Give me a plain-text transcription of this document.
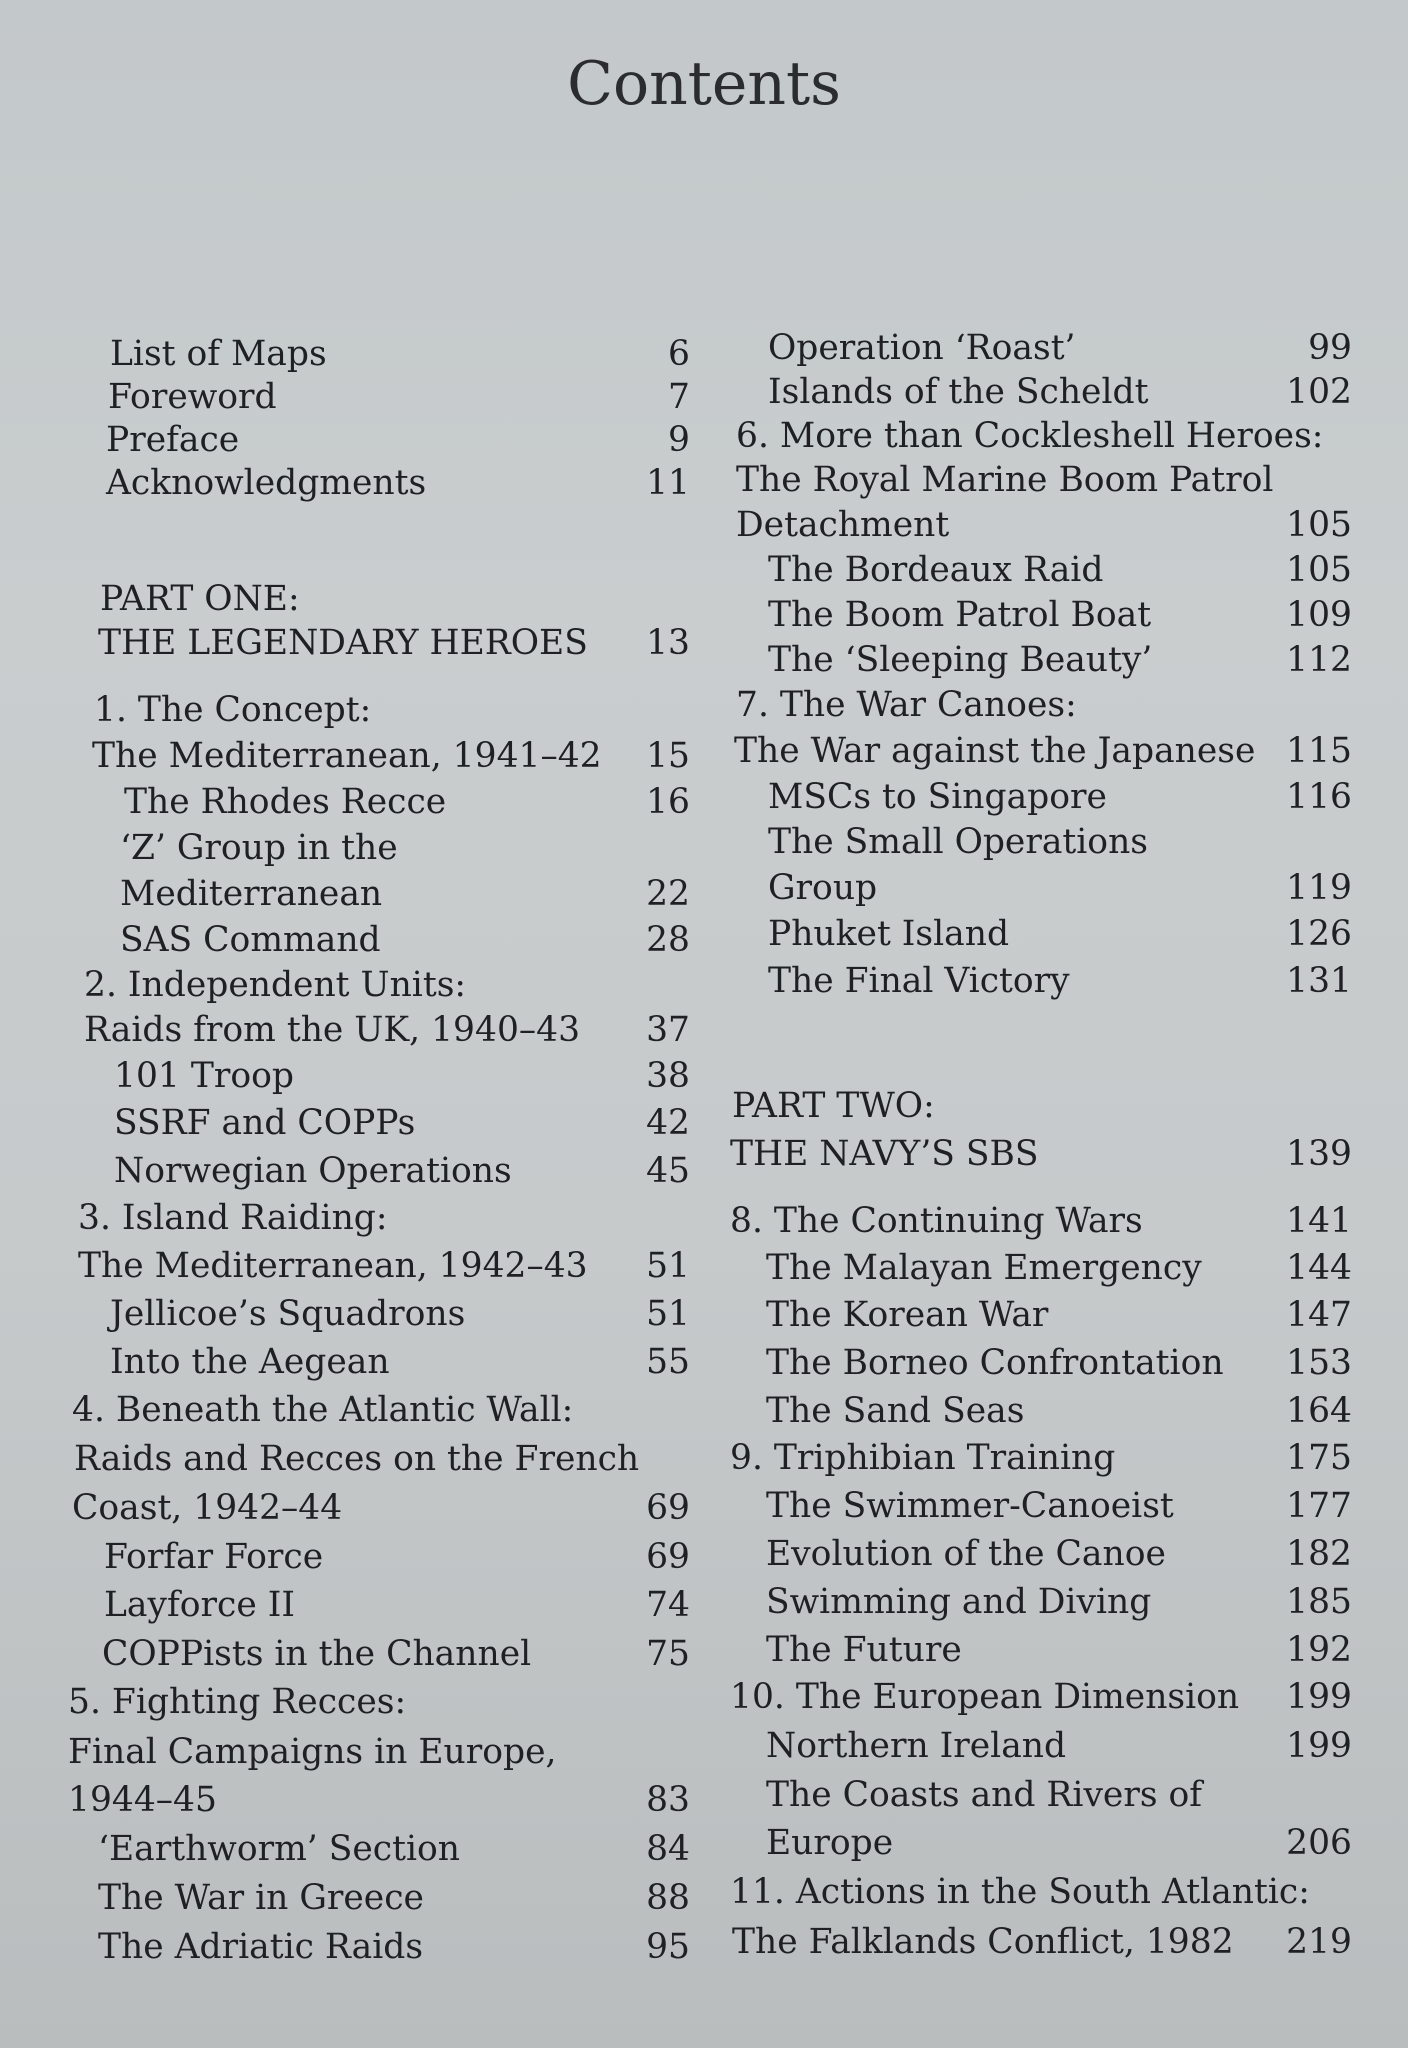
Contents
List of Maps	6
Foreword	7
Preface	9
Acknowledgments	11
PART ONE:
THE LEGENDARY HEROES	13
1. The Concept:
The Mediterranean, 1941–42	15
The Rhodes Recce	16
‘Z’ Group in the
Mediterranean	22
SAS Command	28
2. Independent Units:
Raids from the UK, 1940–43	37
101 Troop	38
SSRF and COPPs	42
Norwegian Operations	45
3. Island Raiding:
The Mediterranean, 1942–43	51
Jellicoe’s Squadrons	51
Into the Aegean	55
4. Beneath the Atlantic Wall:
Raids and Recces on the French
Coast, 1942–44	69
Forfar Force	69
Layforce II	74
COPPists in the Channel	75
5. Fighting Recces:
Final Campaigns in Europe,
1944–45	83
‘Earthworm’ Section	84
The War in Greece	88
The Adriatic Raids	95
Operation ‘Roast’	99
Islands of the Scheldt	102
6. More than Cockleshell Heroes:
The Royal Marine Boom Patrol
Detachment	105
The Bordeaux Raid	105
The Boom Patrol Boat	109
The ‘Sleeping Beauty’	112
7. The War Canoes:
The War against the Japanese 115
MSCs to Singapore	116
The Small Operations
Group	119
Phuket Island	126
The Final Victory	131
PART TWO:
THE NAVY’S SBS	139
8. The Continuing Wars	141
The Malayan Emergency	144
The Korean War	147
The Borneo Confrontation	153
The Sand Seas	164
9. Triphibian Training	175
The Swimmer-Canoeist	177
Evolution of the Canoe	182
Swimming and Diving	185
The Future	192
10. The European Dimension	199
Northern Ireland	199
The Coasts and Rivers of
Europe	206
11. Actions in the South Atlantic:
The Falklands Conflict, 1982	219
